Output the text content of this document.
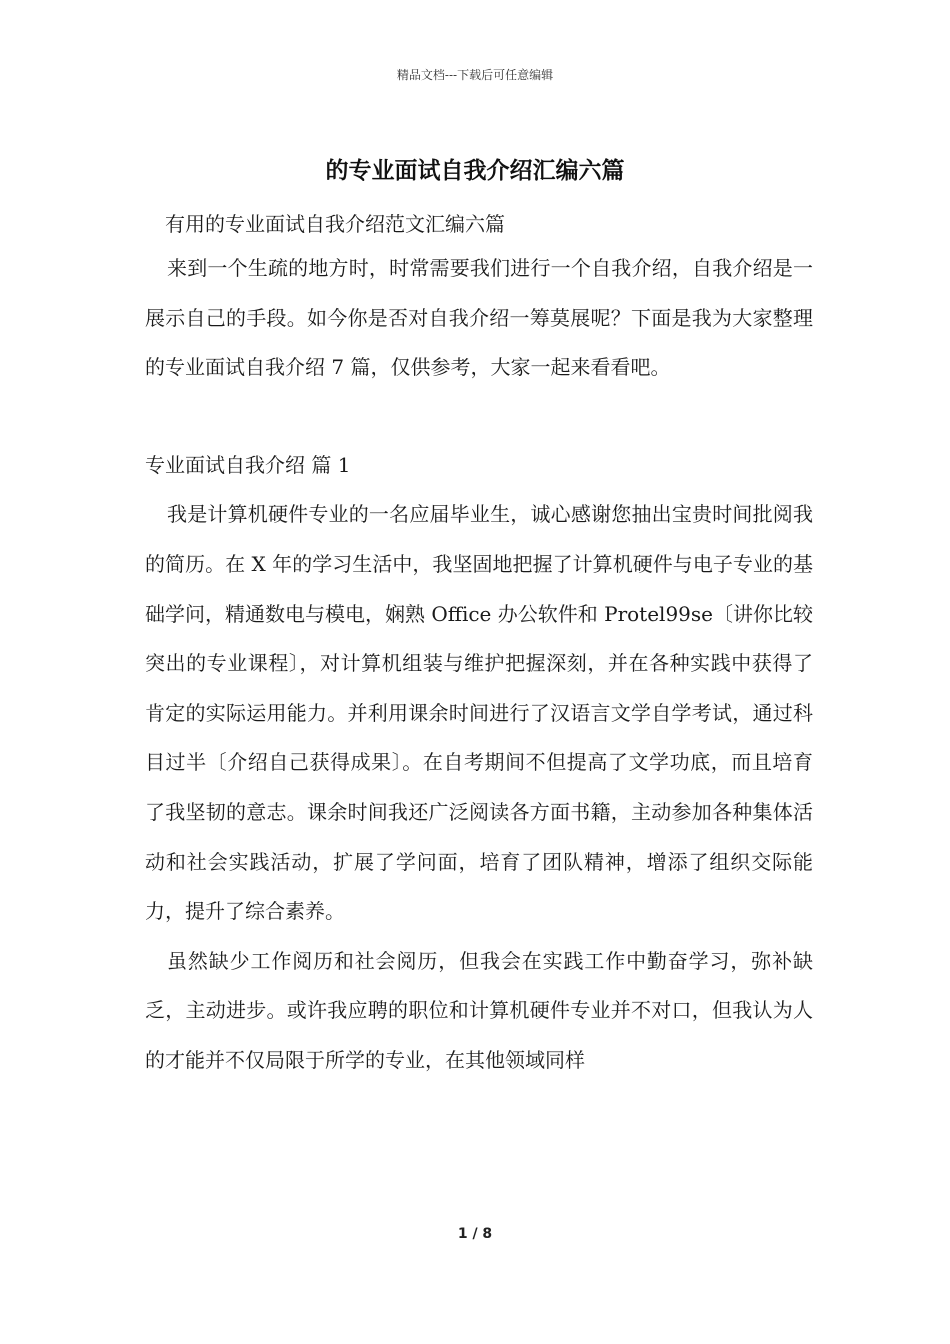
精品文档---下载后可任意编辑
的专业面试自我介绍汇编六篇

有用的专业面试自我介绍范文汇编六篇

来到一个生疏的地方时，时常需要我们进行一个自我介绍，自我介绍是一展示自己的手段。如今你是否对自我介绍一筹莫展呢？下面是我为大家整理的专业面试自我介绍 7 篇，仅供参考，大家一起来看看吧。

专业面试自我介绍 篇 1

我是计算机硬件专业的一名应届毕业生，诚心感谢您抽出宝贵时间批阅我的简历。在 X 年的学习生活中，我坚固地把握了计算机硬件与电子专业的基础学问，精通数电与模电，娴熟 Office 办公软件和 Protel99se〔讲你比较突出的专业课程〕，对计算机组装与维护把握深刻，并在各种实践中获得了肯定的实际运用能力。并利用课余时间进行了汉语言文学自学考试，通过科目过半〔介绍自己获得成果〕。在自考期间不但提高了文学功底，而且培育了我坚韧的意志。课余时间我还广泛阅读各方面书籍，主动参加各种集体活动和社会实践活动，扩展了学问面，培育了团队精神，增添了组织交际能力，提升了综合素养。

虽然缺少工作阅历和社会阅历，但我会在实践工作中勤奋学习，弥补缺乏，主动进步。或许我应聘的职位和计算机硬件专业并不对口，但我认为人的才能并不仅局限于所学的专业，在其他领域同样

1 / 8
